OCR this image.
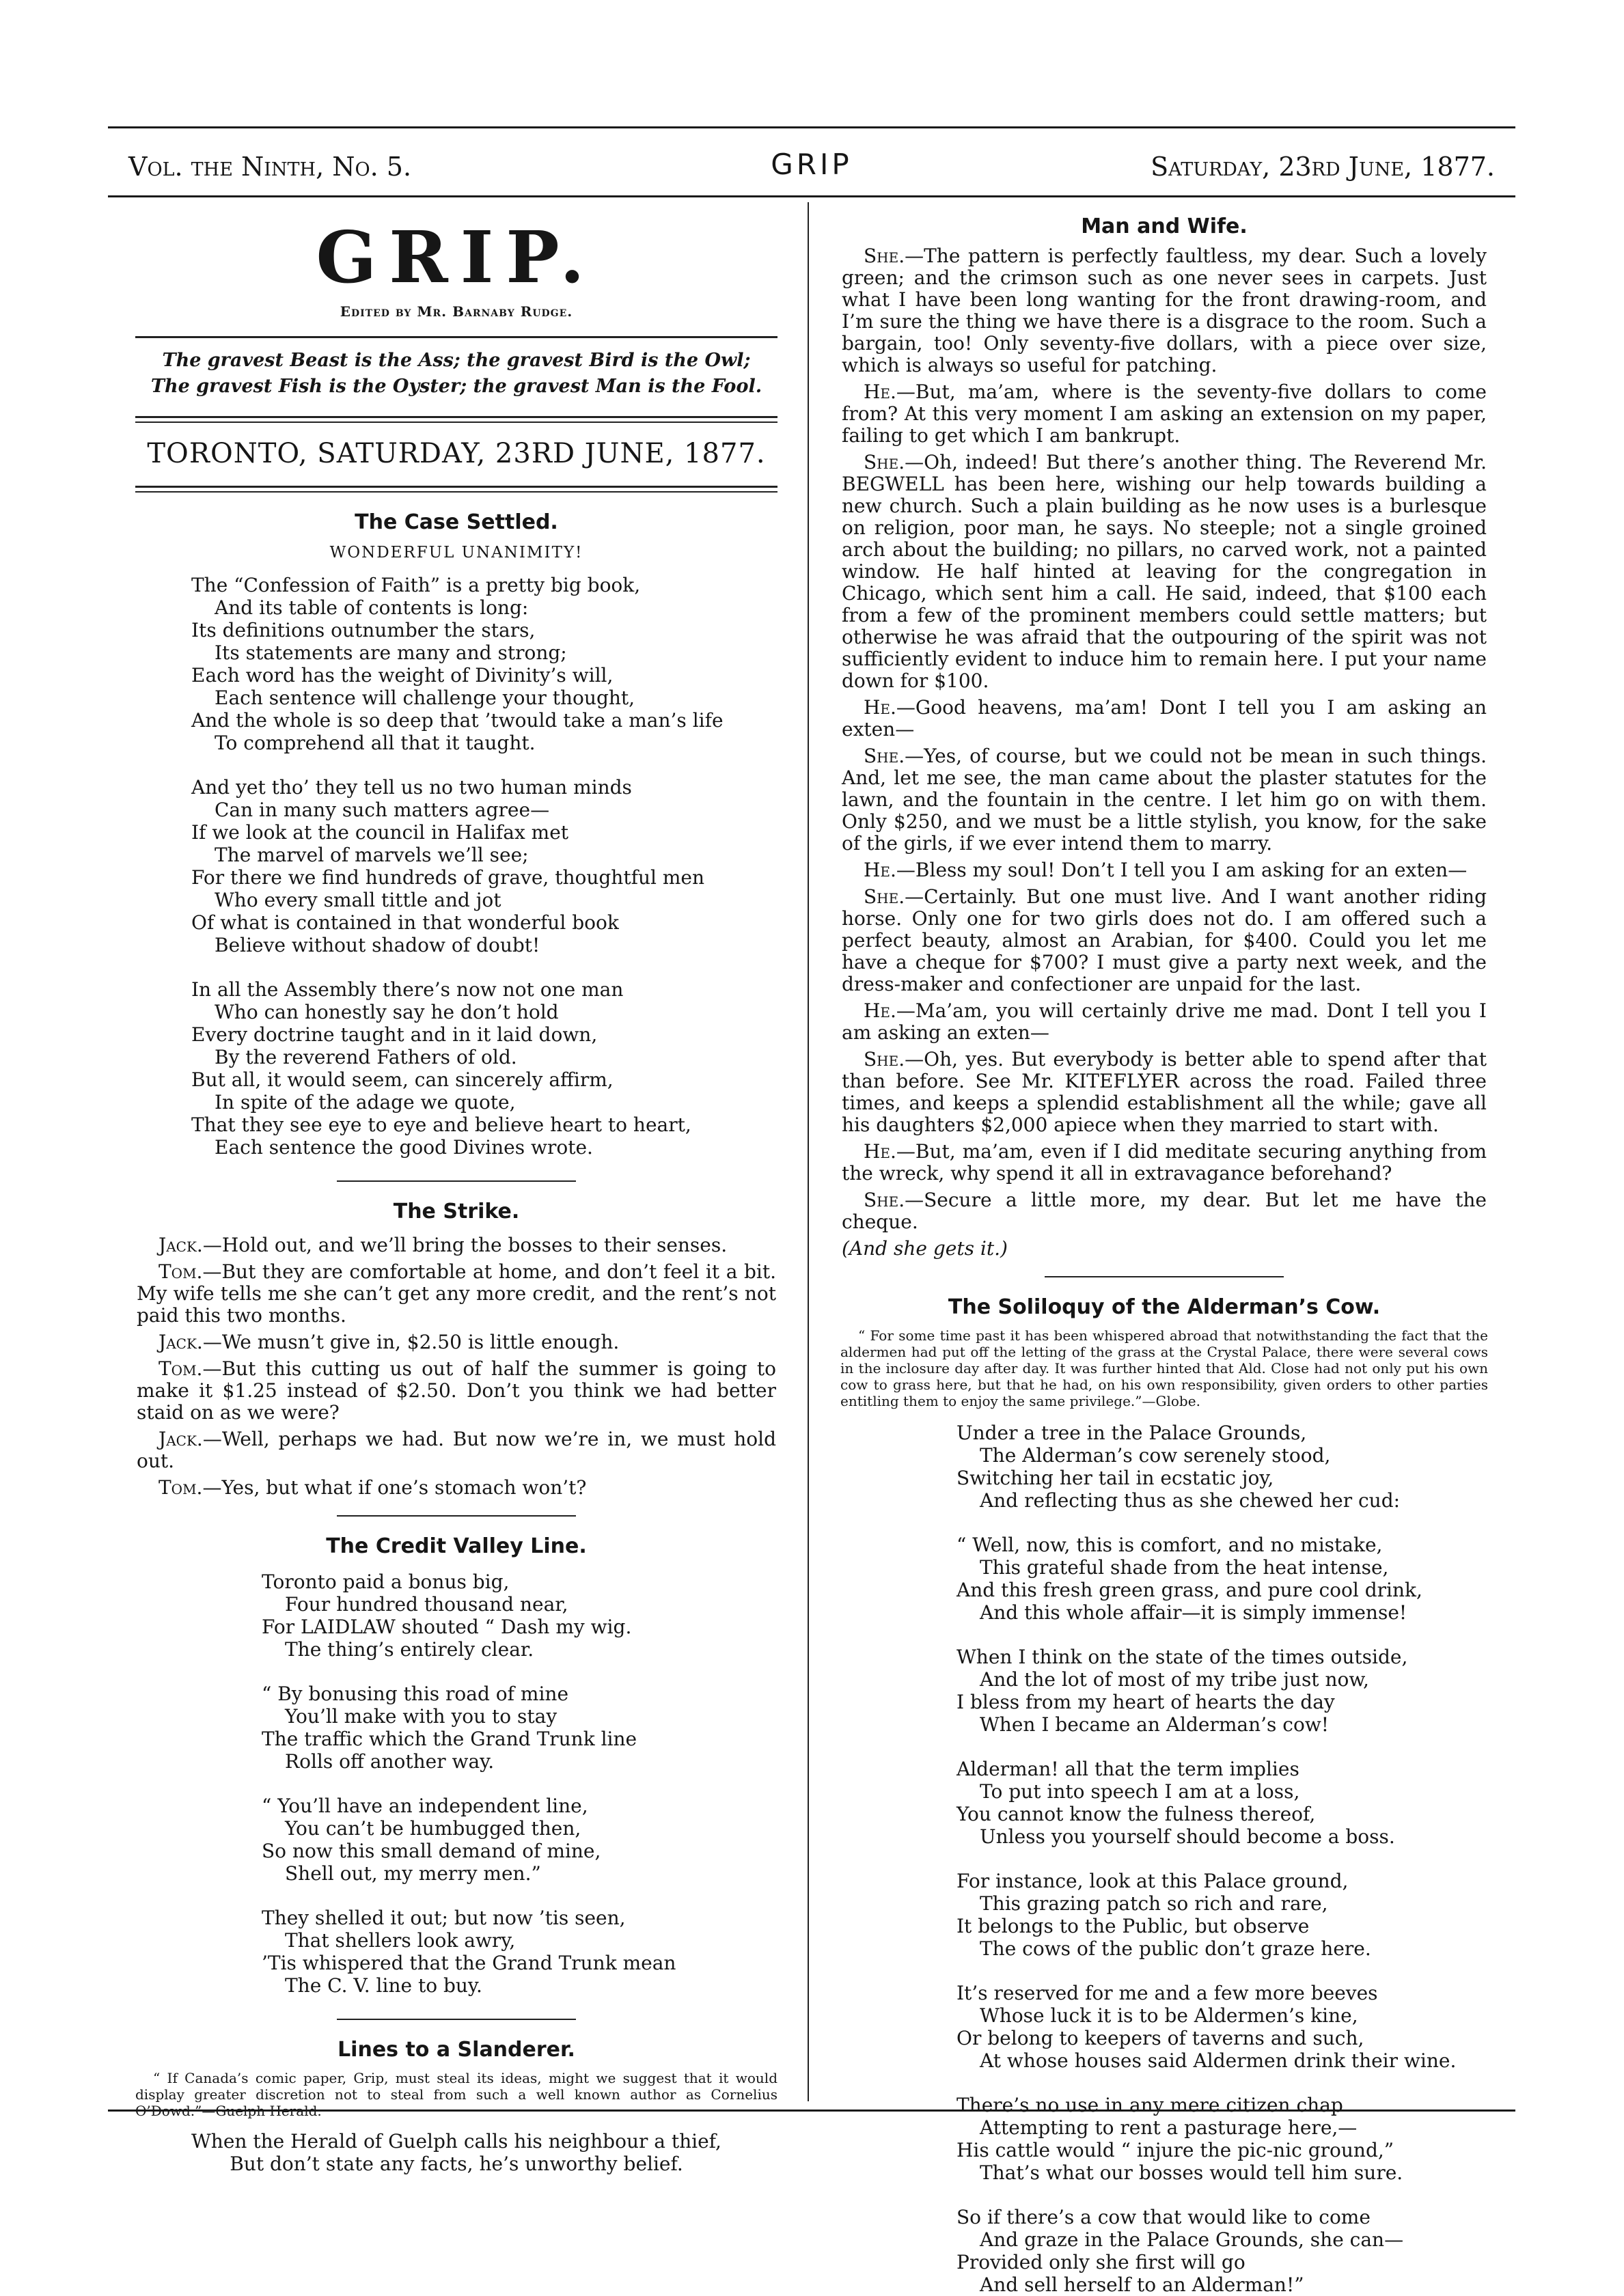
Vol. the Ninth, No. 5.	GRIP	Saturday, 23rd June, 1877.
GRIP.
Edited by Mr. Barnaby Rudge.
The gravest Beast is the Ass; the gravest Bird is the Owl;
The gravest Fish is the Oyster; the gravest Man is the Fool.
TORONTO, SATURDAY, 23RD JUNE, 1877.
The Case Settled.
WONDERFUL UNANIMITY!
The “Confession of Faith” is a pretty big book,
And its table of contents is long:
Its definitions outnumber the stars,
Its statements are many and strong;
Each word has the weight of Divinity’s will,
Each sentence will challenge your thought,
And the whole is so deep that ’twould take a man’s life
To comprehend all that it taught.
And yet tho’ they tell us no two human minds
Can in many such matters agree—
If we look at the council in Halifax met
The marvel of marvels we’ll see;
For there we find hundreds of grave, thoughtful men
Who every small tittle and jot
Of what is contained in that wonderful book
Believe without shadow of doubt!
In all the Assembly there’s now not one man
Who can honestly say he don’t hold
Every doctrine taught and in it laid down,
By the reverend Fathers of old.
But all, it would seem, can sincerely affirm,
In spite of the adage we quote,
That they see eye to eye and believe heart to heart,
Each sentence the good Divines wrote.
The Strike.

Jack.—Hold out, and we’ll bring the bosses to their senses.

Tom.—But they are comfortable at home, and don’t feel it a bit. My wife tells me she can’t get any more credit, and the rent’s not paid this two months.

Jack.—We musn’t give in, $2.50 is little enough.

Tom.—But this cutting us out of half the summer is going to make it $1.25 instead of $2.50. Don’t you think we had better staid on as we were?

Jack.—Well, perhaps we had. But now we’re in, we must hold out.

Tom.—Yes, but what if one’s stomach won’t?

The Credit Valley Line.
Toronto paid a bonus big,
Four hundred thousand near,
For LAIDLAW shouted “ Dash my wig.
The thing’s entirely clear.
“ By bonusing this road of mine
You’ll make with you to stay
The traffic which the Grand Trunk line
Rolls off another way.
“ You’ll have an independent line,
You can’t be humbugged then,
So now this small demand of mine,
Shell out, my merry men.”
They shelled it out; but now ’tis seen,
That shellers look awry,
’Tis whispered that the Grand Trunk mean
The C. V. line to buy.
Lines to a Slanderer.
“ If Canada’s comic paper, Grip, must steal its ideas, might we suggest that it would display greater discretion not to steal from such a well known author as Cornelius O’Dowd.”—Guelph Herald.
When the Herald of Guelph calls his neighbour a thief,
But don’t state any facts, he’s unworthy belief.
Man and Wife.

She.—The pattern is perfectly faultless, my dear. Such a lovely green; and the crimson such as one never sees in carpets. Just what I have been long wanting for the front drawing-room, and I’m sure the thing we have there is a disgrace to the room. Such a bargain, too! Only seventy-five dollars, with a piece over size, which is always so useful for patching.

He.—But, ma’am, where is the seventy-five dollars to come from? At this very moment I am asking an extension on my paper, failing to get which I am bankrupt.

She.—Oh, indeed! But there’s another thing. The Reverend Mr. BEGWELL has been here, wishing our help towards building a new church. Such a plain building as he now uses is a burlesque on religion, poor man, he says. No steeple; not a single groined arch about the building; no pillars, no carved work, not a painted window. He half hinted at leaving for the congregation in Chicago, which sent him a call. He said, indeed, that $100 each from a few of the prominent members could settle matters; but otherwise he was afraid that the outpouring of the spirit was not sufficiently evident to induce him to remain here. I put your name down for $100.

He.—Good heavens, ma’am! Dont I tell you I am asking an exten—

She.—Yes, of course, but we could not be mean in such things. And, let me see, the man came about the plaster statutes for the lawn, and the fountain in the centre. I let him go on with them. Only $250, and we must be a little stylish, you know, for the sake of the girls, if we ever intend them to marry.

He.—Bless my soul! Don’t I tell you I am asking for an exten—

She.—Certainly. But one must live. And I want another riding horse. Only one for two girls does not do. I am offered such a perfect beauty, almost an Arabian, for $400. Could you let me have a cheque for $700? I must give a party next week, and the dress-maker and confectioner are unpaid for the last.

He.—Ma’am, you will certainly drive me mad. Dont I tell you I am asking an exten—

She.—Oh, yes. But everybody is better able to spend after that than before. See Mr. KITEFLYER across the road. Failed three times, and keeps a splendid establishment all the while; gave all his daughters $2,000 apiece when they married to start with.

He.—But, ma’am, even if I did meditate securing anything from the wreck, why spend it all in extravagance beforehand?

She.—Secure a little more, my dear. But let me have the cheque.

(And she gets it.)

The Soliloquy of the Alderman’s Cow.
“ For some time past it has been whispered abroad that notwithstanding the fact that the aldermen had put off the letting of the grass at the Crystal Palace, there were several cows in the inclosure day after day. It was further hinted that Ald. Close had not only put his own cow to grass here, but that he had, on his own responsibility, given orders to other parties entitling them to enjoy the same privilege.”—Globe.
Under a tree in the Palace Grounds,
The Alderman’s cow serenely stood,
Switching her tail in ecstatic joy,
And reflecting thus as she chewed her cud:
“ Well, now, this is comfort, and no mistake,
This grateful shade from the heat intense,
And this fresh green grass, and pure cool drink,
And this whole affair—it is simply immense!
When I think on the state of the times outside,
And the lot of most of my tribe just now,
I bless from my heart of hearts the day
When I became an Alderman’s cow!
Alderman! all that the term implies
To put into speech I am at a loss,
You cannot know the fulness thereof,
Unless you yourself should become a boss.
For instance, look at this Palace ground,
This grazing patch so rich and rare,
It belongs to the Public, but observe
The cows of the public don’t graze here.
It’s reserved for me and a few more beeves
Whose luck it is to be Aldermen’s kine,
Or belong to keepers of taverns and such,
At whose houses said Aldermen drink their wine.
There’s no use in any mere citizen chap
Attempting to rent a pasturage here,—
His cattle would “ injure the pic-nic ground,”
That’s what our bosses would tell him sure.
So if there’s a cow that would like to come
And graze in the Palace Grounds, she can—
Provided only she first will go
And sell herself to an Alderman!”
